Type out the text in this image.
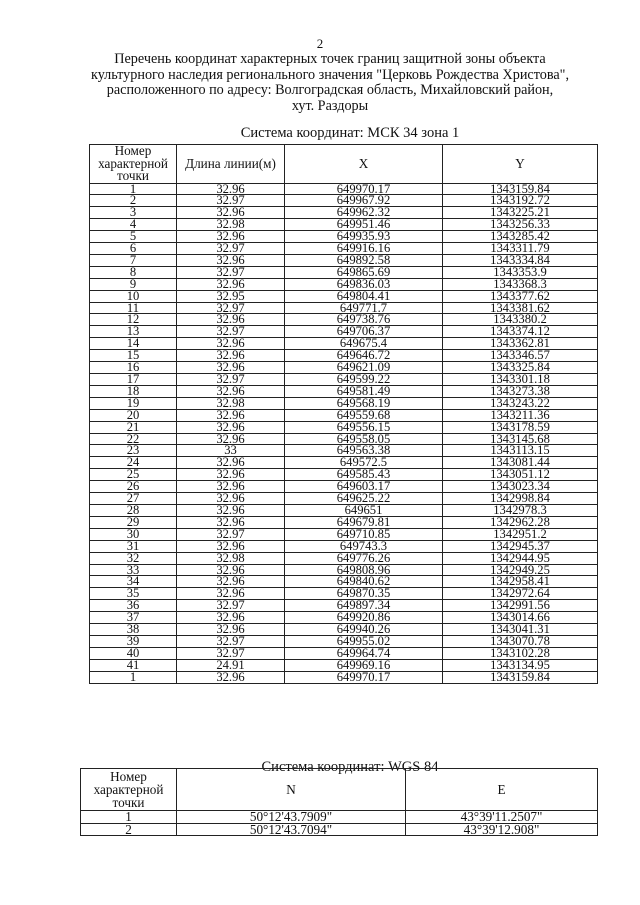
2
Перечень координат характерных точек границ защитной зоны объекта
культурного наследия регионального значения "Церковь Рождества Христова",
расположенного по адресу: Волгоградская область, Михайловский район,
хут. Раздоры
Система координат: МСК 34 зона 1
Номер характерной точки	Длина линии(м)	X	Y
1	32.96	649970.17	1343159.84
2	32.97	649967.92	1343192.72
3	32.96	649962.32	1343225.21
4	32.98	649951.46	1343256.33
5	32.96	649935.93	1343285.42
6	32.97	649916.16	1343311.79
7	32.96	649892.58	1343334.84
8	32.97	649865.69	1343353.9
9	32.96	649836.03	1343368.3
10	32.95	649804.41	1343377.62
11	32.97	649771.7	1343381.62
12	32.96	649738.76	1343380.2
13	32.97	649706.37	1343374.12
14	32.96	649675.4	1343362.81
15	32.96	649646.72	1343346.57
16	32.96	649621.09	1343325.84
17	32.97	649599.22	1343301.18
18	32.96	649581.49	1343273.38
19	32.98	649568.19	1343243.22
20	32.96	649559.68	1343211.36
21	32.96	649556.15	1343178.59
22	32.96	649558.05	1343145.68
23	33	649563.38	1343113.15
24	32.96	649572.5	1343081.44
25	32.96	649585.43	1343051.12
26	32.96	649603.17	1343023.34
27	32.96	649625.22	1342998.84
28	32.96	649651	1342978.3
29	32.96	649679.81	1342962.28
30	32.97	649710.85	1342951.2
31	32.96	649743.3	1342945.37
32	32.98	649776.26	1342944.95
33	32.96	649808.96	1342949.25
34	32.96	649840.62	1342958.41
35	32.96	649870.35	1342972.64
36	32.97	649897.34	1342991.56
37	32.96	649920.86	1343014.66
38	32.96	649940.26	1343041.31
39	32.97	649955.02	1343070.78
40	32.97	649964.74	1343102.28
41	24.91	649969.16	1343134.95
1	32.96	649970.17	1343159.84
Система координат: WGS 84
Номер характерной точки	N	E
1	50°12'43.7909"	43°39'11.2507"
2	50°12'43.7094"	43°39'12.908"
